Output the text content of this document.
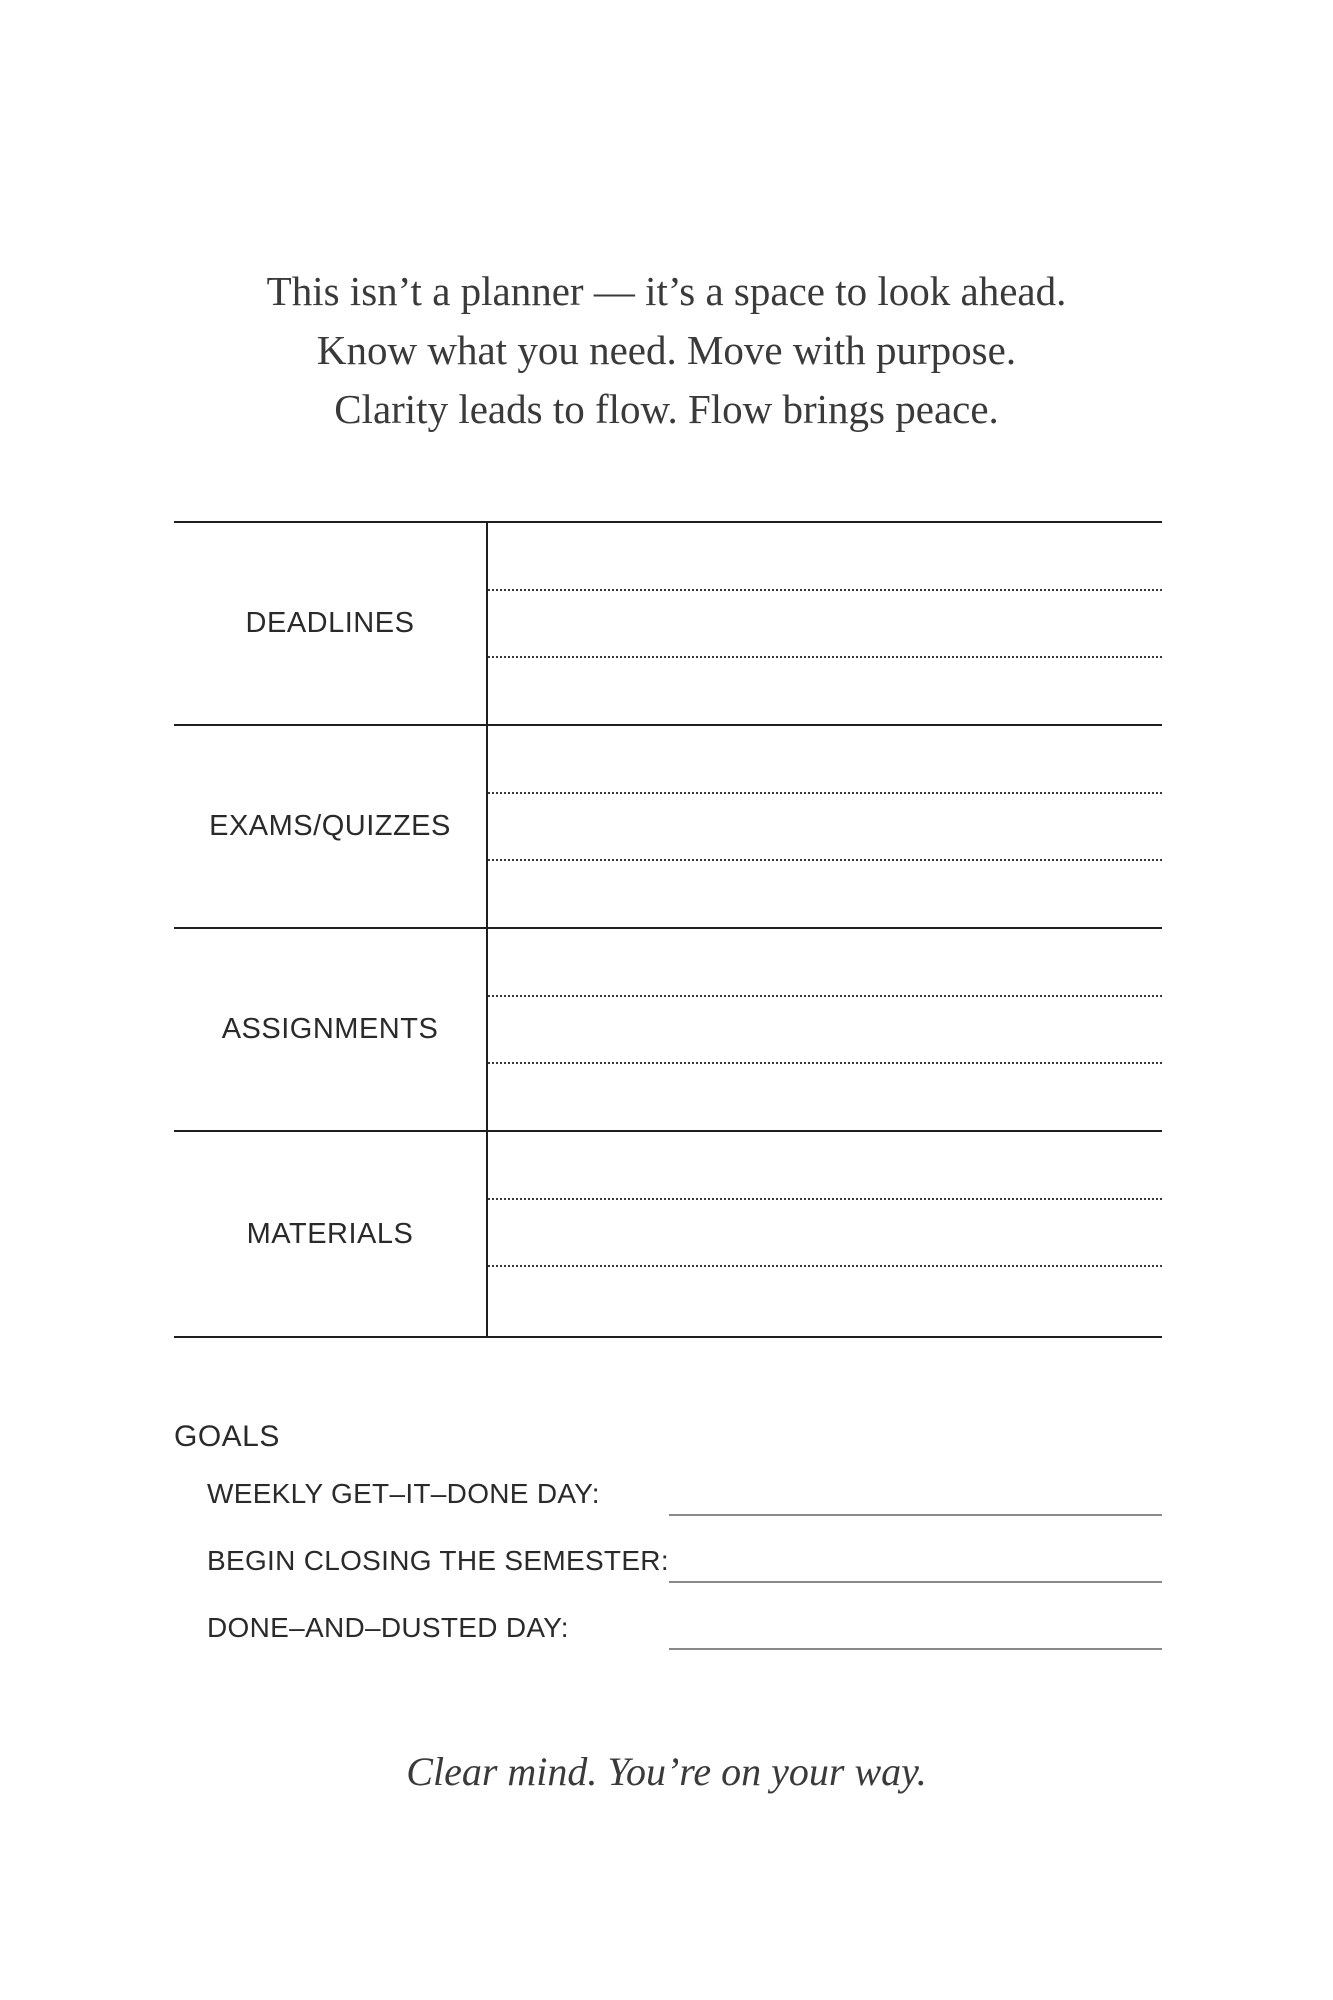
This isn’t a planner — it’s a space to look ahead.
Know what you need. Move with purpose.
Clarity leads to flow. Flow brings peace.
DEADLINES
EXAMS/QUIZZES
ASSIGNMENTS
MATERIALS
GOALS
WEEKLY GET–IT–DONE DAY:
BEGIN CLOSING THE SEMESTER:
DONE–AND–DUSTED DAY:
Clear mind. You’re on your way.
